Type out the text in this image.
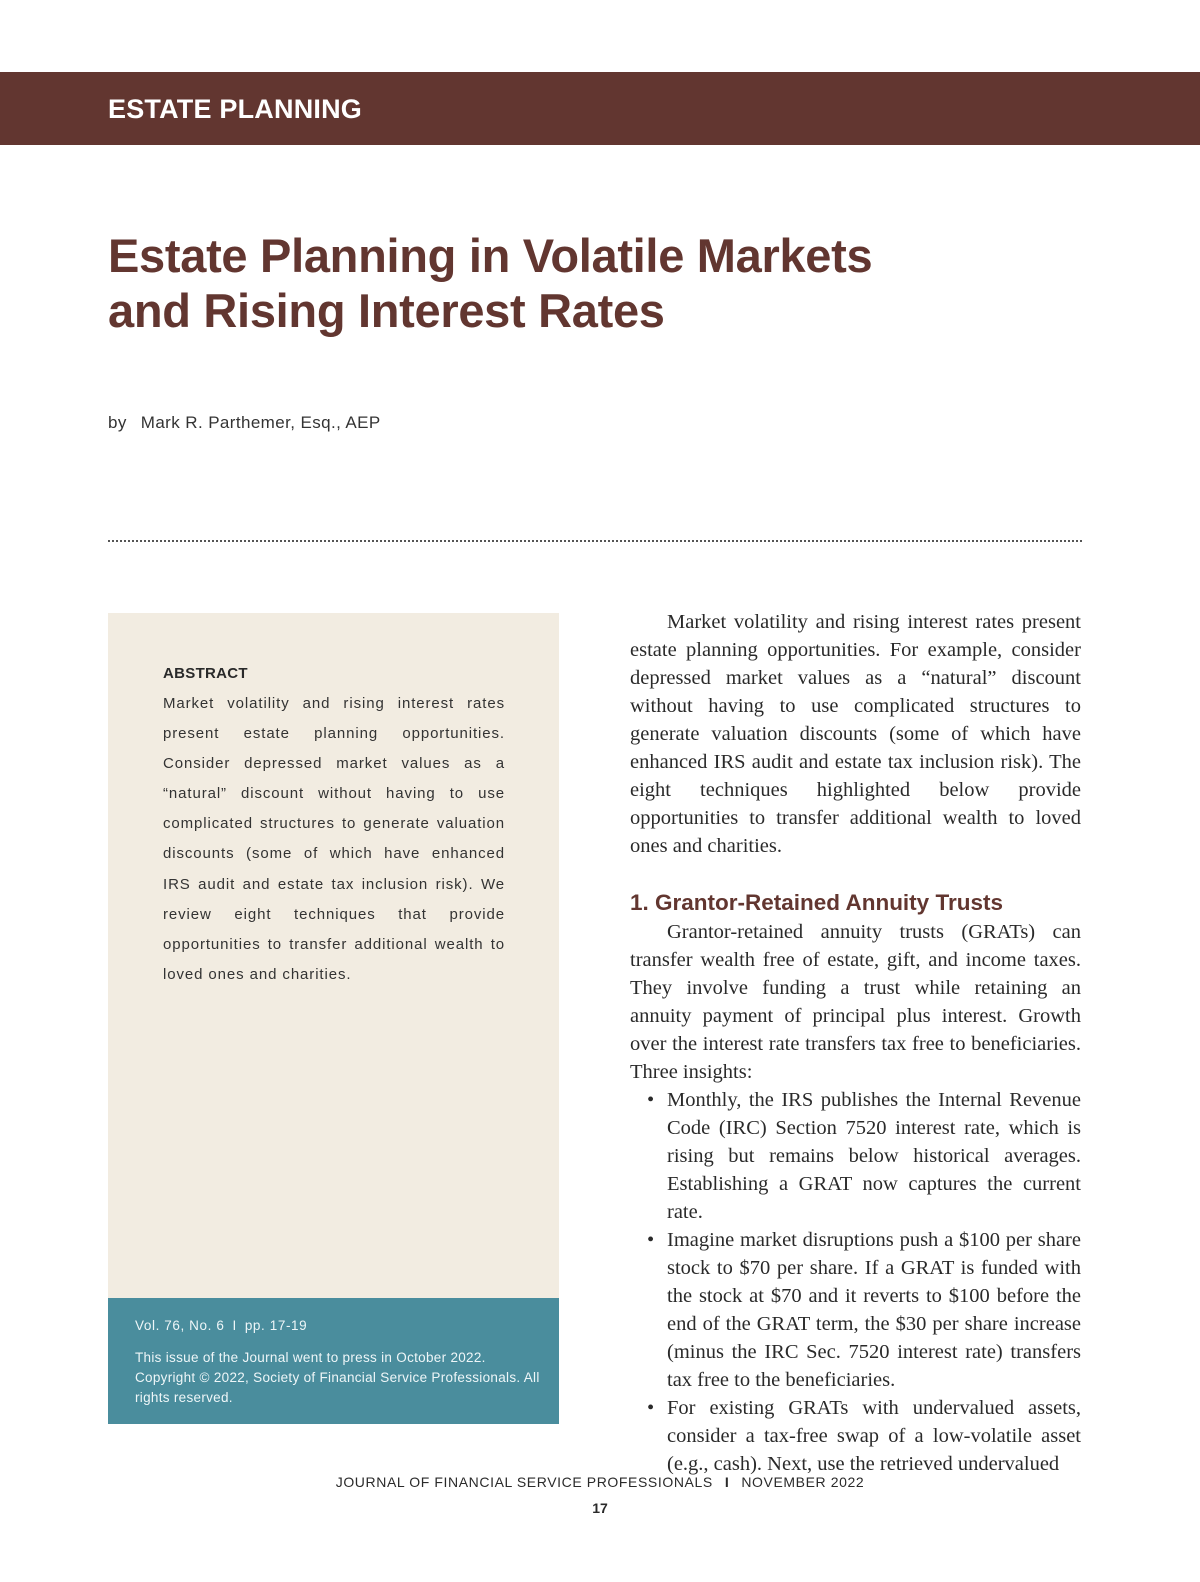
ESTATE PLANNING
Estate Planning in Volatile Markets
and Rising Interest Rates
by Mark R. Parthemer, Esq., AEP
ABSTRACT

Market volatility and rising interest rates present estate planning opportunities. Consider depressed market values as a “natural” discount without having to use complicated structures to generate valuation discounts (some of which have enhanced IRS audit and estate tax inclusion risk). We review eight techniques that provide opportunities to transfer additional wealth to loved ones and charities.

Vol. 76, No. 6 I pp. 17-19

This issue of the Journal went to press in October 2022. Copyright © 2022, Society of Financial Service Professionals. All rights reserved.

Market volatility and rising interest rates present estate planning opportunities. For example, consider depressed market values as a “natural” discount without having to use complicated structures to generate valuation discounts (some of which have enhanced IRS audit and estate tax inclusion risk). The eight techniques highlighted below provide opportunities to transfer additional wealth to loved ones and charities.

1. Grantor-Retained Annuity Trusts

Grantor-retained annuity trusts (GRATs) can transfer wealth free of estate, gift, and income taxes. They involve funding a trust while retaining an annuity payment of principal plus interest. Growth over the interest rate transfers tax free to beneficiaries. Three insights:

• Monthly, the IRS publishes the Internal Revenue Code (IRC) Section 7520 interest rate, which is rising but remains below historical averages. Establishing a GRAT now captures the current rate.
• Imagine market disruptions push a $100 per share stock to $70 per share. If a GRAT is funded with the stock at $70 and it reverts to $100 before the end of the GRAT term, the $30 per share increase (minus the IRC Sec. 7520 interest rate) transfers tax free to the beneficiaries.
• For existing GRATs with undervalued assets, consider a tax-free swap of a low-volatile asset (e.g., cash). Next, use the retrieved undervalued
JOURNAL OF FINANCIAL SERVICE PROFESSIONALS I NOVEMBER 2022
17
